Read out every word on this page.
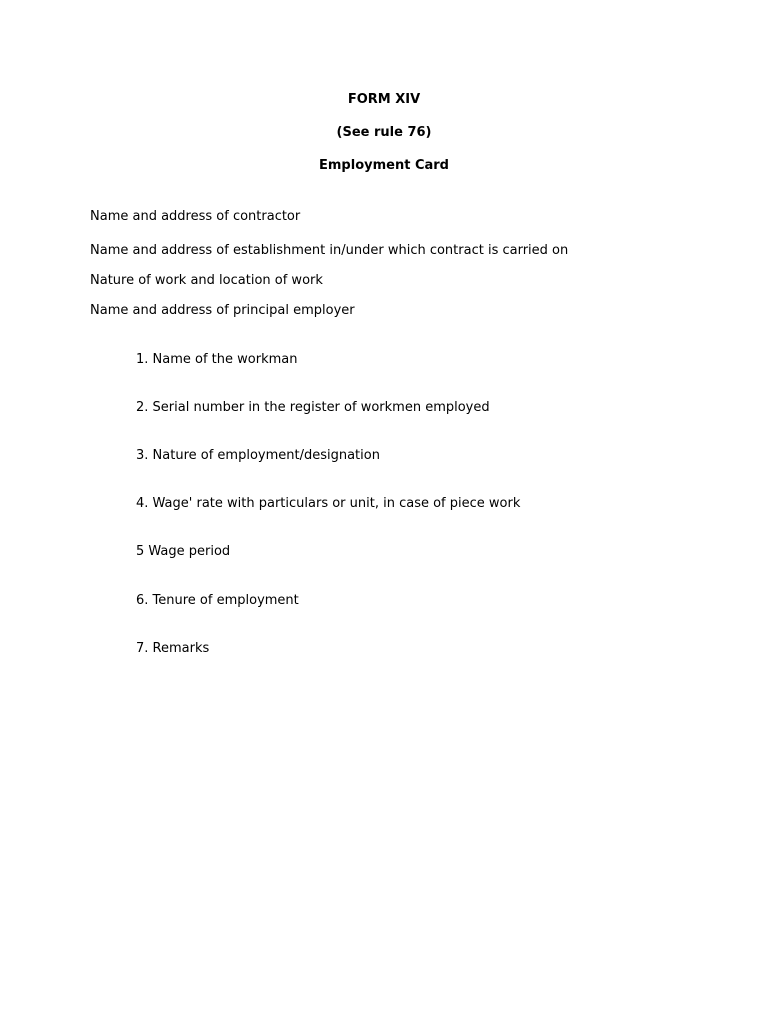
FORM XIV
(See rule 76)
Employment Card
Name and address of contractor
Name and address of establishment in/under which contract is carried on
Nature of work and location of work
Name and address of principal employer
1. Name of the workman
2. Serial number in the register of workmen employed
3. Nature of employment/designation
4. Wage' rate with particulars or unit, in case of piece work
5 Wage period
6. Tenure of employment
7. Remarks
